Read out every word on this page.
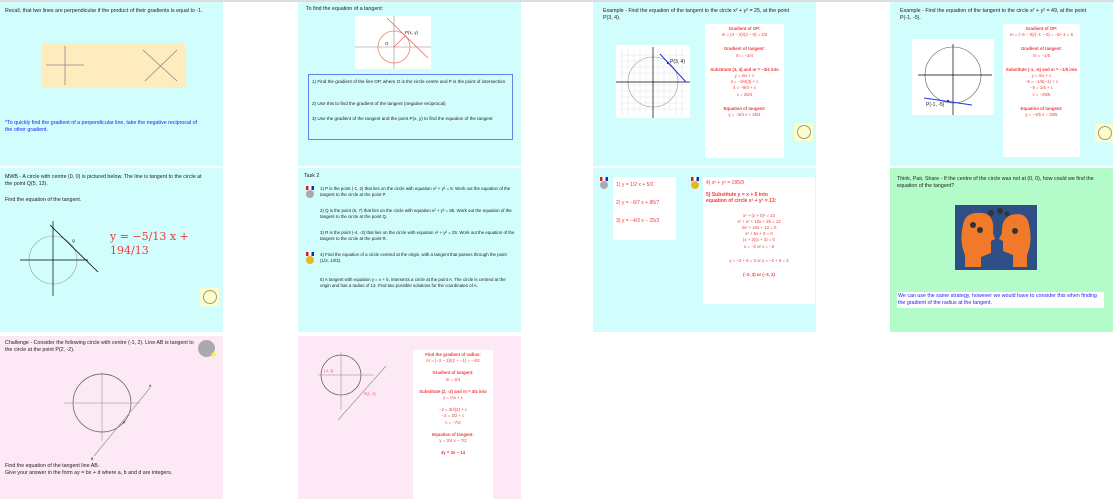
Recall, that two lines are perpendicular if the product of their gradients is equal to -1.
*To quickly find the gradient of a perpendicular line, take the negative reciprocal of the other gradient.
To find the equation of a tangent:
P(x, y)
O
1) Find the gradient of the line OP, where O is the circle centre and P is the point of intersection
2) Use this to find the gradient of the tangent (negative reciprocal)
3) Use the gradient of the tangent and the point P(x, y) to find the equation of the tangent
Example - Find the equation of the tangent to the circle x² + y² = 25, at the point P(3, 4).
P(3, 4)
Gradient of OP:
m = (4 − 0)/(3 − 0) = 4/3
Gradient of tangent:
m = −3/4
Substitute (3, 4) and m = −3/4 into
y = mx + c
4 = −3/4(3) + c
4 = −9/4 + c
c = 25/4
Equation of tangent:
y = −3/4 x + 25/4
Example - Find the equation of the tangent to the circle x² + y² = 49, at the point P(-1, -5).
P(-1, -5)
Gradient of OP:
m = (−5 − 0)/(−1 − 0) = −5/−1 = 5
Gradient of tangent:
m = −1/5
Substitute (-1, -5) and m = −1/5 into
y = mx + c
−5 = −1/5(−1) + c
−5 = 1/5 + c
c = −26/5
Equation of tangent:
y = −1/5 x − 26/5
MWB - A circle with centre (0, 0) is pictured below. The line is tangent to the circle at the point Q(5, 13).
Find the equation of the tangent.
Q	y = −5/13 x + 194/13
Task 2
1) P is the point (-1, 2) that lies on the circle with equation x² + y² = 5. Work out the equation of the tangent to the circle at the point P.
2) Q is the point (6, 7) that lies on the circle with equation x² + y² = 85. Work out the equation of the tangent to the circle at the point Q.
3) R is the point (-4, -3) that lies on the circle with equation x² + y² = 25. Work out the equation of the tangent to the circle at the point R.
4) Find the equation of a circle centred at the origin, with a tangent that passes through the point (1/3, 13/3).
5) A tangent with equation y = x + 5, intersects a circle at the point A. The circle is centred at the origin and has a radius of 13. Find two possible solutions for the coordinates of A.
1) y = 1/2 x + 5/2
2) y = −6/7 x + 85/7
3) y = −4/3 x − 25/3
4) x² + y² = 185/9
5) Substitute y = x + 5 into
equation of circle x² + y² = 13:
x² + (x + 5)² = 13
x² + x² + 10x + 25 = 13
2x² + 10x + 12 = 0
x² + 5x + 6 = 0
(x + 2)(x + 3) = 0
x = −2 or x = −3
y = −2 + 5 = 3 or y = −3 + 5 = 2
(−2, 3) or (−3, 2)
Think, Pair, Share - If the centre of the circle was not at (0, 0), how could we find the equation of the tangent?
We can use the same strategy, however we would have to consider this when finding the gradient of the radius at the tangent.
Challenge - Consider the following circle with centre (-1, 2). Line AB is tangent to the circle at the point P(2, -2).	★
A
B
P
Find the equation of the tangent line AB.
Give your answer in the form ay = bx + d where a, b and d are integers.
(-1, 2)
P(2, -2)
Find the gradient of radius:
m = (−2 − 2)/(2 − −1) = −4/3
Gradient of tangent:
m = 3/4
Substitute (2, -2) and m = 3/4 into
y = mx + c
−2 = 3/4(2) + c
−2 = 3/2 + c
c = −7/2
Equation of tangent:
y = 3/4 x − 7/2
4y = 3x − 14
